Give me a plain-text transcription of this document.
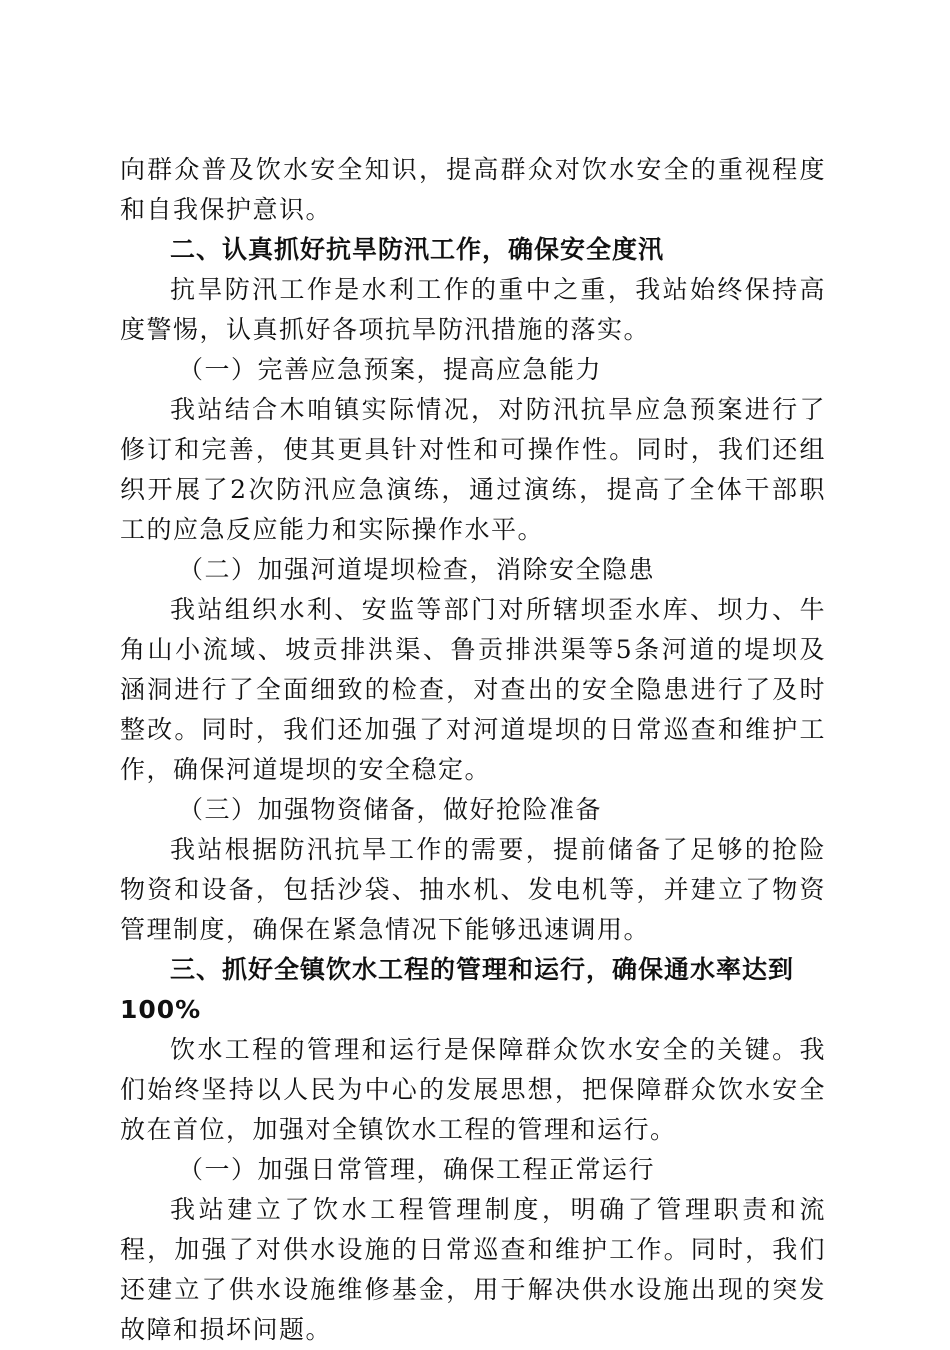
向群众普及饮水安全知识，提高群众对饮水安全的重视程度和自我保护意识。

二、认真抓好抗旱防汛工作，确保安全度汛

抗旱防汛工作是水利工作的重中之重，我站始终保持高度警惕，认真抓好各项抗旱防汛措施的落实。

（一）完善应急预案，提高应急能力

我站结合木咱镇实际情况，对防汛抗旱应急预案进行了修订和完善，使其更具针对性和可操作性。同时，我们还组织开展了2次防汛应急演练，通过演练，提高了全体干部职工的应急反应能力和实际操作水平。

（二）加强河道堤坝检查，消除安全隐患

我站组织水利、安监等部门对所辖坝歪水库、坝力、牛角山小流域、坡贡排洪渠、鲁贡排洪渠等5条河道的堤坝及涵洞进行了全面细致的检查，对查出的安全隐患进行了及时整改。同时，我们还加强了对河道堤坝的日常巡查和维护工作，确保河道堤坝的安全稳定。

（三）加强物资储备，做好抢险准备

我站根据防汛抗旱工作的需要，提前储备了足够的抢险物资和设备，包括沙袋、抽水机、发电机等，并建立了物资管理制度，确保在紧急情况下能够迅速调用。

三、抓好全镇饮水工程的管理和运行，确保通水率达到100%

饮水工程的管理和运行是保障群众饮水安全的关键。我们始终坚持以人民为中心的发展思想，把保障群众饮水安全放在首位，加强对全镇饮水工程的管理和运行。

（一）加强日常管理，确保工程正常运行

我站建立了饮水工程管理制度，明确了管理职责和流程，加强了对供水设施的日常巡查和维护工作。同时，我们还建立了供水设施维修基金，用于解决供水设施出现的突发故障和损坏问题。
